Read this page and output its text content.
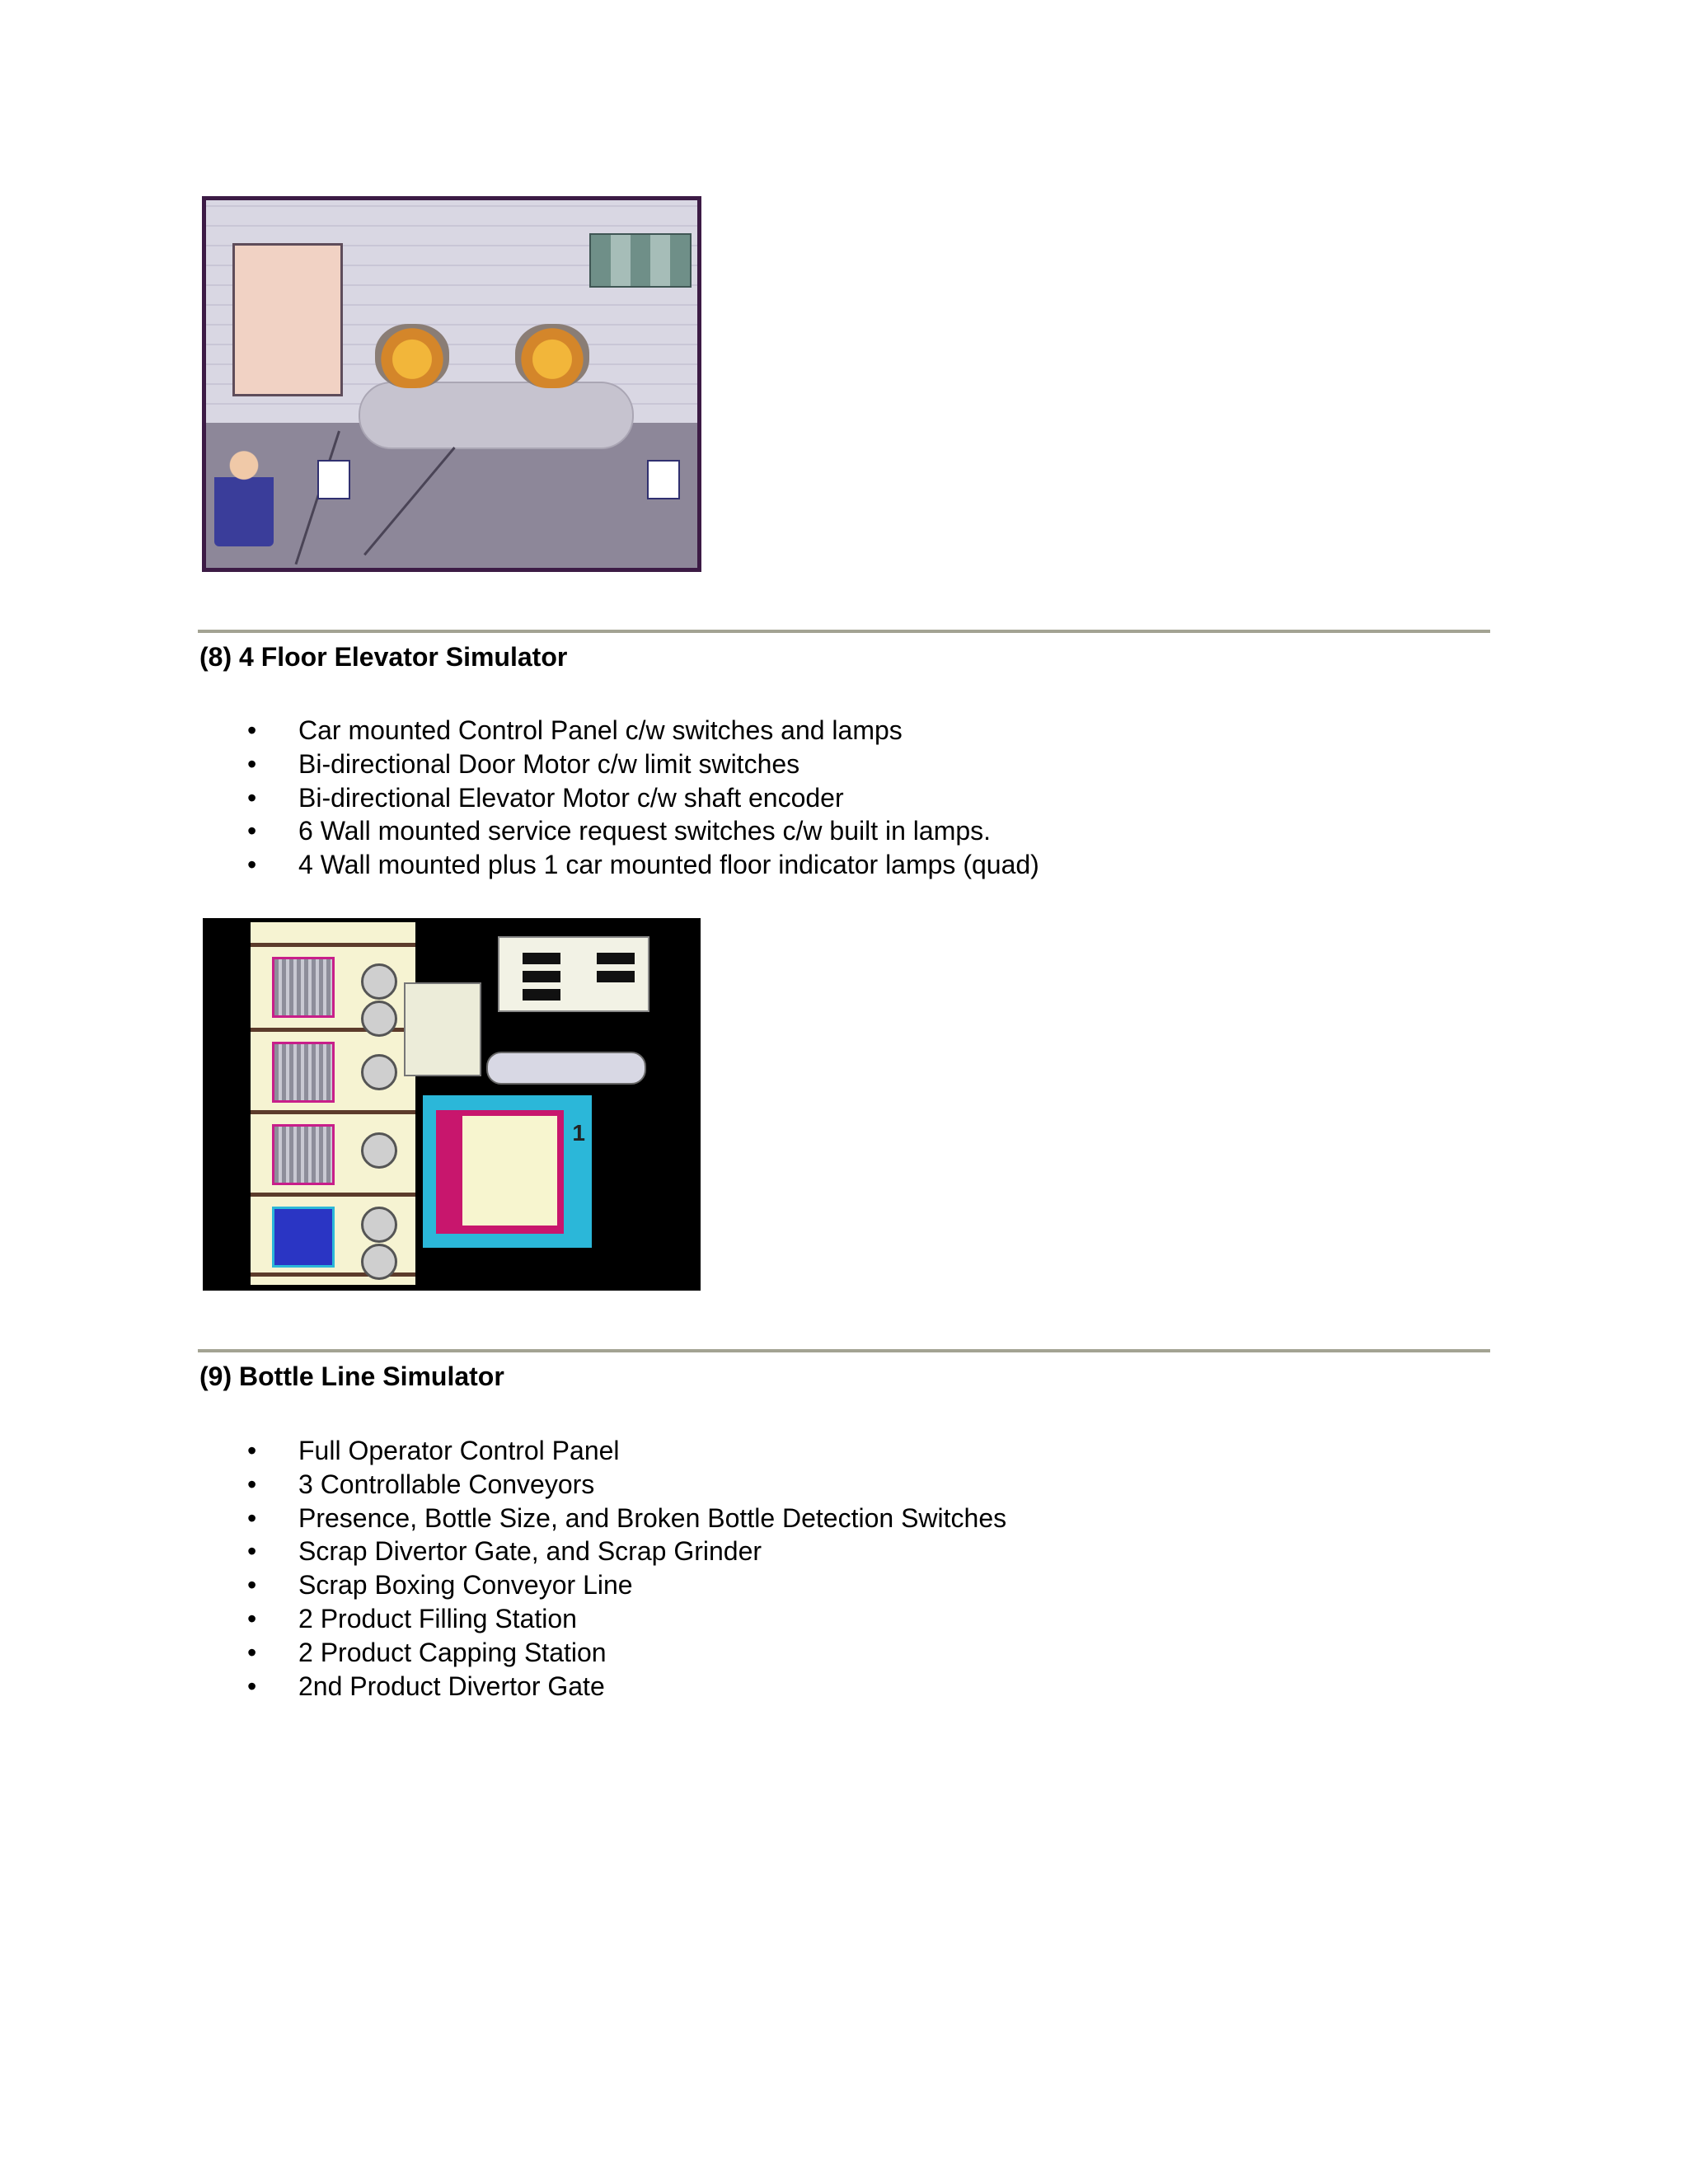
(8) 4 Floor Elevator Simulator
• Car mounted Control Panel c/w switches and lamps
• Bi-directional Door Motor c/w limit switches
• Bi-directional Elevator Motor c/w shaft encoder
• 6 Wall mounted service request switches c/w built in lamps.
• 4 Wall mounted plus 1 car mounted floor indicator lamps (quad)
1
(9) Bottle Line Simulator
• Full Operator Control Panel
• 3 Controllable Conveyors
• Presence, Bottle Size, and Broken Bottle Detection Switches
• Scrap Divertor Gate, and Scrap Grinder
• Scrap Boxing Conveyor Line
• 2 Product Filling Station
• 2 Product Capping Station
• 2nd Product Divertor Gate
